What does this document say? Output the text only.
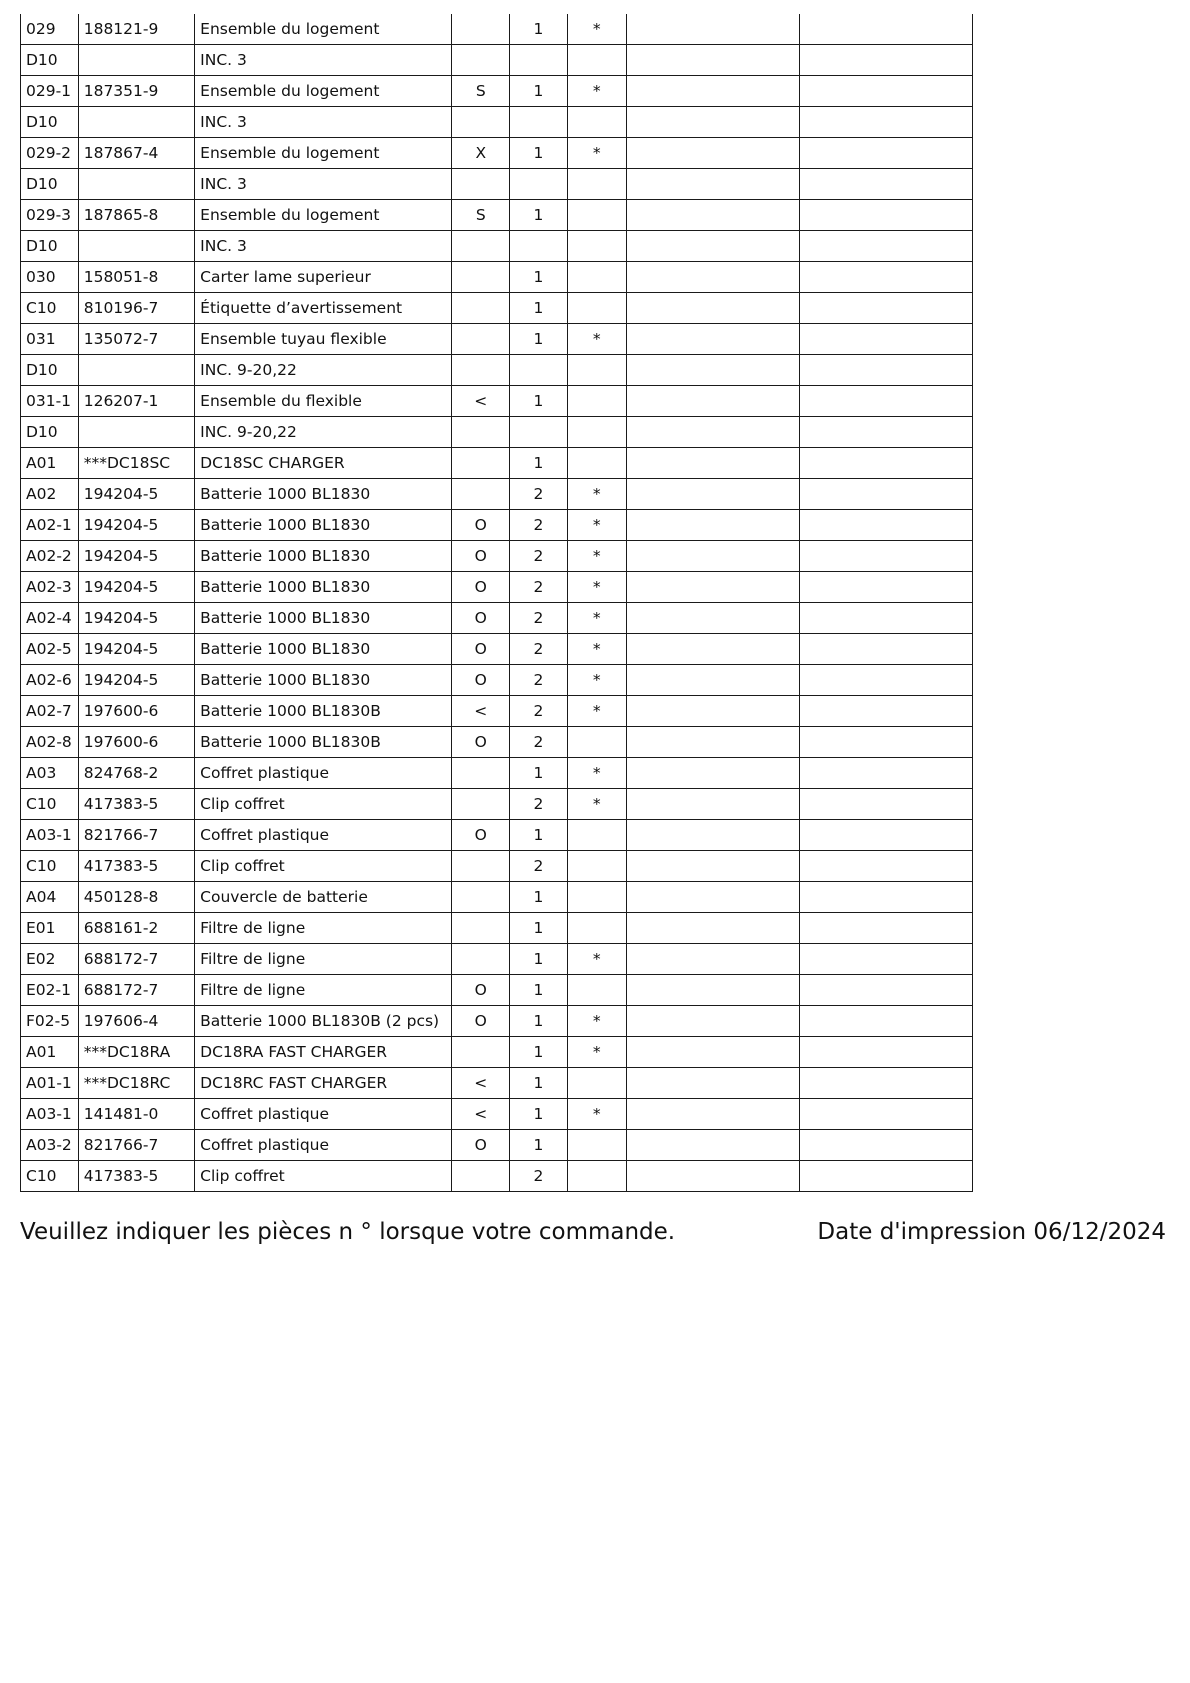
029	188121-9	Ensemble du logement		1	*		
D10		INC. 3					
029-1	187351-9	Ensemble du logement	S	1	*		
D10		INC. 3					
029-2	187867-4	Ensemble du logement	X	1	*		
D10		INC. 3					
029-3	187865-8	Ensemble du logement	S	1			
D10		INC. 3					
030	158051-8	Carter lame superieur		1			
C10	810196-7	Étiquette d’avertissement		1			
031	135072-7	Ensemble tuyau flexible		1	*		
D10		INC. 9-20,22					
031-1	126207-1	Ensemble du flexible	<	1			
D10		INC. 9-20,22					
A01	***DC18SC	DC18SC CHARGER		1			
A02	194204-5	Batterie 1000 BL1830		2	*		
A02-1	194204-5	Batterie 1000 BL1830	O	2	*		
A02-2	194204-5	Batterie 1000 BL1830	O	2	*		
A02-3	194204-5	Batterie 1000 BL1830	O	2	*		
A02-4	194204-5	Batterie 1000 BL1830	O	2	*		
A02-5	194204-5	Batterie 1000 BL1830	O	2	*		
A02-6	194204-5	Batterie 1000 BL1830	O	2	*		
A02-7	197600-6	Batterie 1000 BL1830B	<	2	*		
A02-8	197600-6	Batterie 1000 BL1830B	O	2			
A03	824768-2	Coffret plastique		1	*		
C10	417383-5	Clip coffret		2	*		
A03-1	821766-7	Coffret plastique	O	1			
C10	417383-5	Clip coffret		2			
A04	450128-8	Couvercle de batterie		1			
E01	688161-2	Filtre de ligne		1			
E02	688172-7	Filtre de ligne		1	*		
E02-1	688172-7	Filtre de ligne	O	1			
F02-5	197606-4	Batterie 1000 BL1830B (2 pcs)	O	1	*		
A01	***DC18RA	DC18RA FAST CHARGER		1	*		
A01-1	***DC18RC	DC18RC FAST CHARGER	<	1			
A03-1	141481-0	Coffret plastique	<	1	*		
A03-2	821766-7	Coffret plastique	O	1			
C10	417383-5	Clip coffret		2			
Veuillez indiquer les pièces n ° lorsque votre commande.	Date d'impression 06/12/2024
